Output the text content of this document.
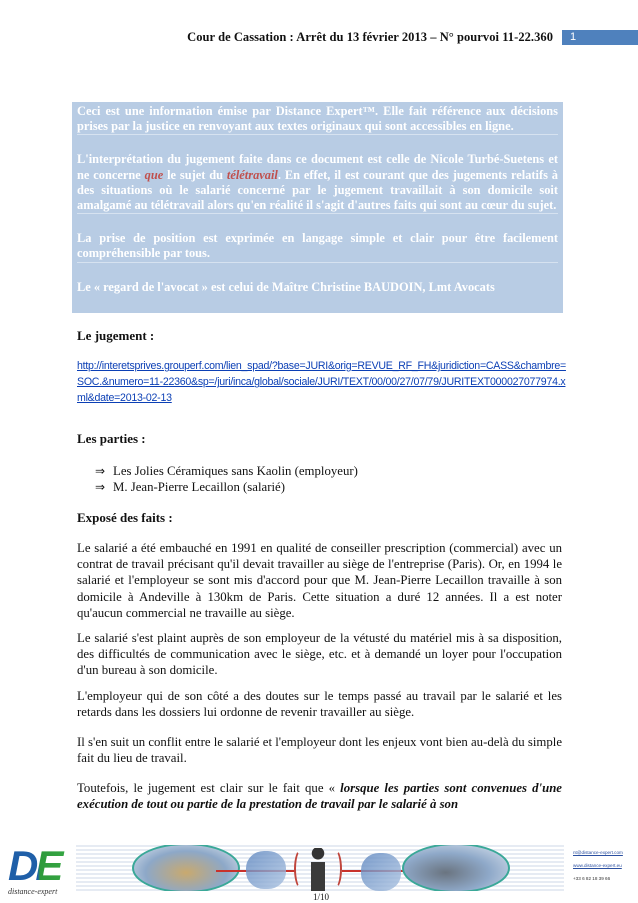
Cour de Cassation : Arrêt du 13 février 2013 – N° pourvoi 11-22.360	1

Ceci est une information émise par Distance Expert™. Elle fait référence aux décisions prises par la justice en renvoyant aux textes originaux qui sont accessibles en ligne.

L'interprétation du jugement faite dans ce document est celle de Nicole Turbé-Suetens et ne concerne que le sujet du télétravail. En effet, il est courant que des jugements relatifs à des situations où le salarié concerné par le jugement travaillait à son domicile soit amalgamé au télétravail alors qu'en réalité il s'agit d'autres faits qui sont au cœur du sujet.

La prise de position est exprimée en langage simple et clair pour être facilement compréhensible par tous.

Le « regard de l'avocat » est celui de Maître Christine BAUDOIN, Lmt Avocats

Le jugement :
http://interetsprives.grouperf.com/lien_spad/?base=JURI&orig=REVUE_RF_FH&juridiction=CASS&chambre=SOC.&numero=11-22360&sp=/juri/inca/global/sociale/JURI/TEXT/00/00/27/07/79/JURITEXT000027077974.xml&date=2013-02-13
Les parties :
⇒ Les Jolies Céramiques sans Kaolin (employeur)
⇒ M. Jean-Pierre Lecaillon (salarié)
Exposé des faits :

Le salarié a été embauché en 1991 en qualité de conseiller prescription (commercial) avec un contrat de travail précisant qu'il devait travailler au siège de l'entreprise (Paris). Or, en 1994 le salarié et l'employeur se sont mis d'accord pour que M. Jean-Pierre Lecaillon travaille à son domicile à Andeville à 130km de Paris. Cette situation a duré 12 années. Il a est noter qu'aucun commercial ne travaille au siège.

Le salarié s'est plaint auprès de son employeur de la vétusté du matériel mis à sa disposition, des difficultés de communication avec le siège, etc. et à demandé un loyer pour l'occupation d'un bureau à son domicile.

L'employeur qui de son côté a des doutes sur le temps passé au travail par le salarié et les retards dans les dossiers lui ordonne de revenir travailler au siège.

Il s'en suit un conflit entre le salarié et l'employeur dont les enjeux vont bien au-delà du simple fait du lieu de travail.

Toutefois, le jugement est clair sur le fait que « lorsque les parties sont convenues d'une exécution de tout ou partie de la prestation de travail par le salarié à son

DE
distance-expert
nt@distance-expert.com
www.distance-expert.eu
+33 6 82 18 39 66
1/10
